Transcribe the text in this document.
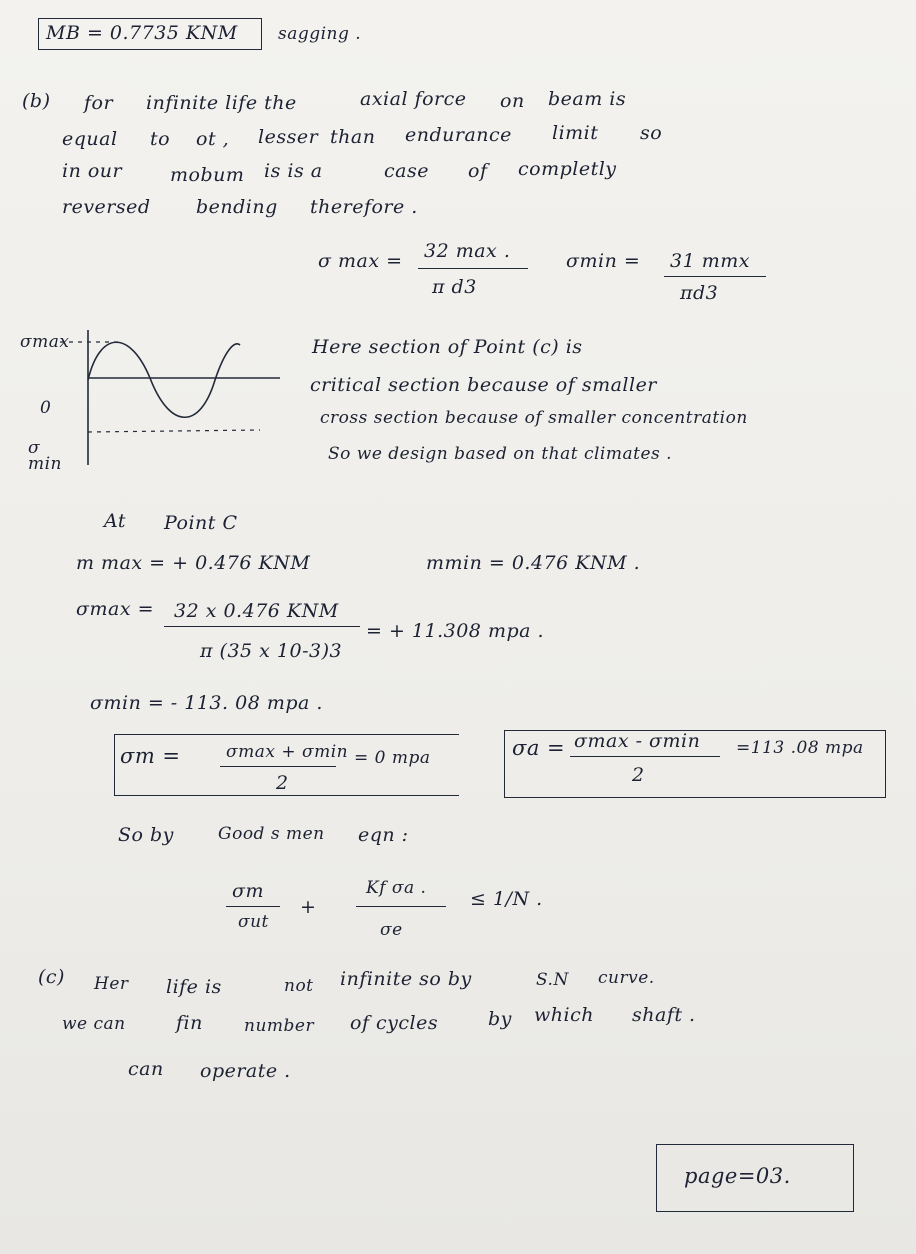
MB = 0.7735 KNM sagging .
(b) for infinite life the	axial force on beam is
equal to ot , lesser than endurance limit so
in our	mobum is is a	case of completly
reversed bending therefore .
σ max = 32 max .
π d3
σmin = 31 mmx
πd3
σmax
0
σ min
Here section of Point (c) is
critical section because of smaller
cross section because of smaller concentration
So we design based on that climates .
At Point C
m max = + 0.476 KNM	mmin = 0.476 KNM .
σmax = 32 x 0.476 KNM
π (35 x 10-3)3
= + 11.308 mpa .
σmin = - 113. 08 mpa .
σm =	σmax + σmin = 0 mpa
2
σa = σmax - σmin
2
=113 .08 mpa
So by	Good s men eqn :
σm
σut
+
Kf σa .
σe
≤ 1/N .
(c) Her life is	not infinite so by	S.N curve.
we can	fin number of cycles	by which shaft .
can operate .
page=03.
